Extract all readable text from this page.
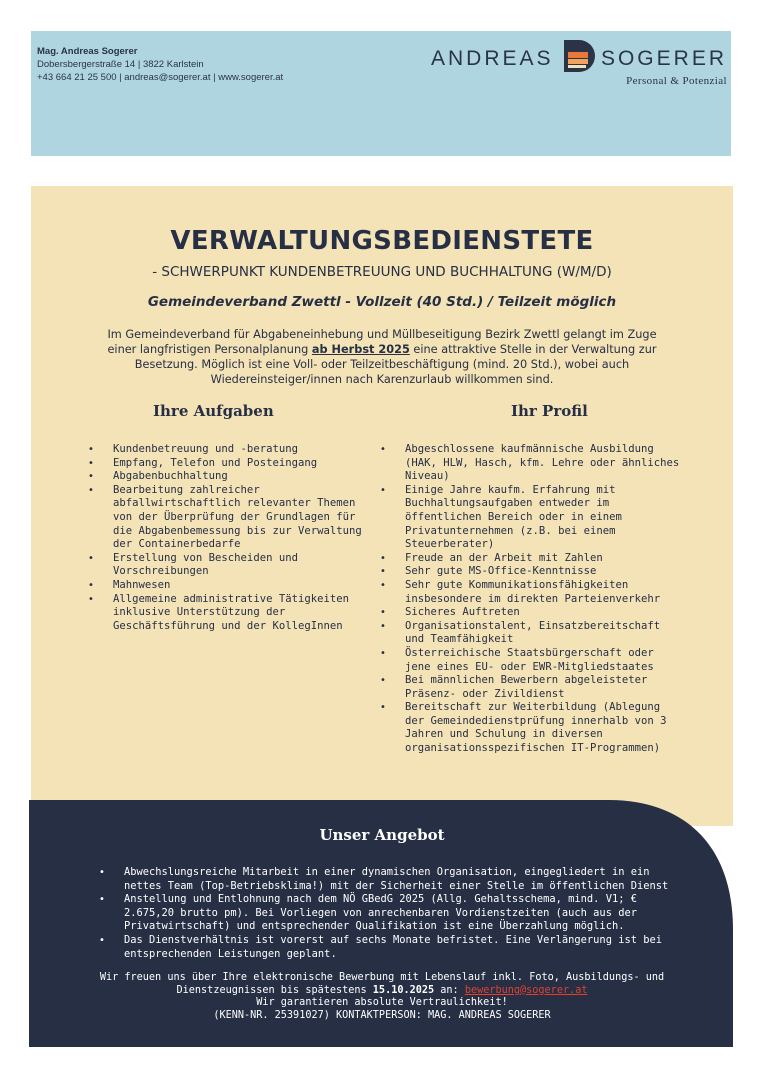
Mag. Andreas Sogerer
Dobersbergerstraße 14 | 3822 Karlstein
+43 664 21 25 500 | andreas@sogerer.at | www.sogerer.at
ANDREAS SOGERER
Personal & Potenzial
VERWALTUNGSBEDIENSTETE
- SCHWERPUNKT KUNDENBETREUUNG UND BUCHHALTUNG (W/M/D)
Gemeindeverband Zwettl - Vollzeit (40 Std.) / Teilzeit möglich
Im Gemeindeverband für Abgabeneinhebung und Müllbeseitigung Bezirk Zwettl gelangt im Zuge einer langfristigen Personalplanung ab Herbst 2025 eine attraktive Stelle in der Verwaltung zur Besetzung. Möglich ist eine Voll- oder Teilzeitbeschäftigung (mind. 20 Std.), wobei auch Wiedereinsteiger/innen nach Karenzurlaub willkommen sind.
Ihre Aufgaben	Ihr Profil
• Kundenbetreuung und -beratung
• Empfang, Telefon und Posteingang
• Abgabenbuchhaltung
• Bearbeitung zahlreicher abfallwirtschaftlich relevanter Themen von der Überprüfung der Grundlagen für die Abgabenbemessung bis zur Verwaltung der Containerbedarfe
• Erstellung von Bescheiden und Vorschreibungen
• Mahnwesen
• Allgemeine administrative Tätigkeiten inklusive Unterstützung der Geschäftsführung und der KollegInnen
• Abgeschlossene kaufmännische Ausbildung (HAK, HLW, Hasch, kfm. Lehre oder ähnliches Niveau)
• Einige Jahre kaufm. Erfahrung mit Buchhaltungsaufgaben entweder im öffentlichen Bereich oder in einem Privatunternehmen (z.B. bei einem Steuerberater)
• Freude an der Arbeit mit Zahlen
• Sehr gute MS-Office-Kenntnisse
• Sehr gute Kommunikationsfähigkeiten insbesondere im direkten Parteienverkehr
• Sicheres Auftreten
• Organisationstalent, Einsatzbereitschaft und Teamfähigkeit
• Österreichische Staatsbürgerschaft oder jene eines EU- oder EWR-Mitgliedstaates
• Bei männlichen Bewerbern abgeleisteter Präsenz- oder Zivildienst
• Bereitschaft zur Weiterbildung (Ablegung der Gemeindedienstprüfung innerhalb von 3 Jahren und Schulung in diversen organisationsspezifischen IT-Programmen)
Unser Angebot
• Abwechslungsreiche Mitarbeit in einer dynamischen Organisation, eingegliedert in ein nettes Team (Top-Betriebsklima!) mit der Sicherheit einer Stelle im öffentlichen Dienst
• Anstellung und Entlohnung nach dem NÖ GBedG 2025 (Allg. Gehaltsschema, mind. V1; € 2.675,20 brutto pm). Bei Vorliegen von anrechenbaren Vordienstzeiten (auch aus der Privatwirtschaft) und entsprechender Qualifikation ist eine Überzahlung möglich.
• Das Dienstverhältnis ist vorerst auf sechs Monate befristet. Eine Verlängerung ist bei entsprechenden Leistungen geplant.
Wir freuen uns über Ihre elektronische Bewerbung mit Lebenslauf inkl. Foto, Ausbildungs- und
Dienstzeugnissen bis spätestens 15.10.2025 an: bewerbung@sogerer.at
Wir garantieren absolute Vertraulichkeit!
(KENN-NR. 25391027) KONTAKTPERSON: MAG. ANDREAS SOGERER
